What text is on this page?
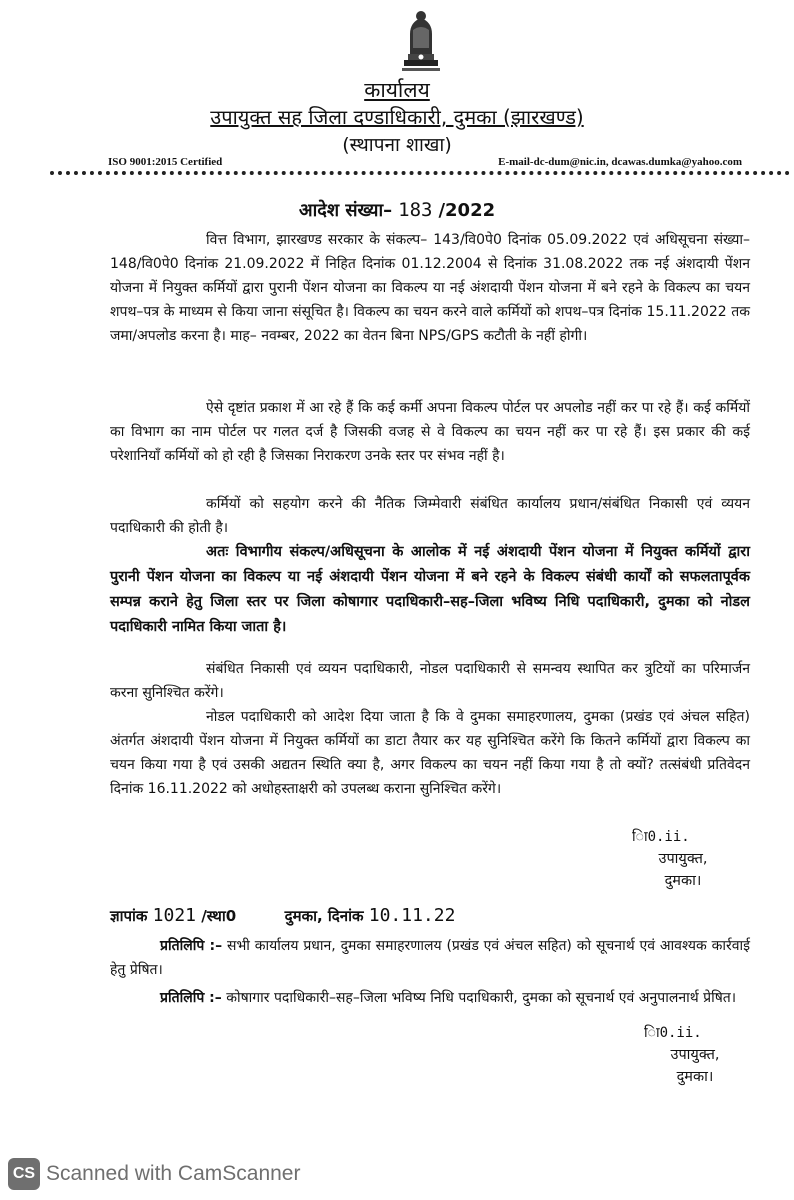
कार्यालय
उपायुक्त सह जिला दण्डाधिकारी, दुमका (झारखण्ड)
(स्थापना शाखा)
ISO 9001:2015 Certified	E-mail-dc-dum@nic.in, dcawas.dumka@yahoo.com
आदेश संख्या– 183 /2022

वित्त विभाग, झारखण्ड सरकार के संकल्प– 143/वि0पे0 दिनांक 05.09.2022 एवं अधिसूचना संख्या– 148/वि0पे0 दिनांक 21.09.2022 में निहित दिनांक 01.12.2004 से दिनांक 31.08.2022 तक नई अंशदायी पेंशन योजना में नियुक्त कर्मियों द्वारा पुरानी पेंशन योजना का विकल्प या नई अंशदायी पेंशन योजना में बने रहने के विकल्प का चयन शपथ–पत्र के माध्यम से किया जाना संसूचित है। विकल्प का चयन करने वाले कर्मियों को शपथ–पत्र दिनांक 15.11.2022 तक जमा/अपलोड करना है। माह– नवम्बर, 2022 का वेतन बिना NPS/GPS कटौती के नहीं होगी।

ऐसे दृष्टांत प्रकाश में आ रहे हैं कि कई कर्मी अपना विकल्प पोर्टल पर अपलोड नहीं कर पा रहे हैं। कई कर्मियों का विभाग का नाम पोर्टल पर गलत दर्ज है जिसकी वजह से वे विकल्प का चयन नहीं कर पा रहे हैं। इस प्रकार की कई परेशानियाँ कर्मियों को हो रही है जिसका निराकरण उनके स्तर पर संभव नहीं है।

कर्मियों को सहयोग करने की नैतिक जिम्मेवारी संबंधित कार्यालय प्रधान/संबंधित निकासी एवं व्ययन पदाधिकारी की होती है।

अतः विभागीय संकल्प/अधिसूचना के आलोक में नई अंशदायी पेंशन योजना में नियुक्त कर्मियों द्वारा पुरानी पेंशन योजना का विकल्प या नई अंशदायी पेंशन योजना में बने रहने के विकल्प संबंधी कार्यों को सफलतापूर्वक सम्पन्न कराने हेतु जिला स्तर पर जिला कोषागार पदाधिकारी–सह–जिला भविष्य निधि पदाधिकारी, दुमका को नोडल पदाधिकारी नामित किया जाता है।

संबंधित निकासी एवं व्ययन पदाधिकारी, नोडल पदाधिकारी से समन्वय स्थापित कर त्रुटियों का परिमार्जन करना सुनिश्चित करेंगे।

नोडल पदाधिकारी को आदेश दिया जाता है कि वे दुमका समाहरणालय, दुमका (प्रखंड एवं अंचल सहित) अंतर्गत अंशदायी पेंशन योजना में नियुक्त कर्मियों का डाटा तैयार कर यह सुनिश्चित करेंगे कि कितने कर्मियों द्वारा विकल्प का चयन किया गया है एवं उसकी अद्यतन स्थिति क्या है, अगर विकल्प का चयन नहीं किया गया है तो क्यों? तत्संबंधी प्रतिवेदन दिनांक 16.11.2022 को अधोहस्ताक्षरी को उपलब्ध कराना सुनिश्चित करेंगे।

ाि0.ii.
उपायुक्त,
दुमका।
ज्ञापांक 1021 /स्था0	दुमका, दिनांक 10.11.22

प्रतिलिपि :– सभी कार्यालय प्रधान, दुमका समाहरणालय (प्रखंड एवं अंचल सहित) को सूचनार्थ एवं आवश्यक कार्रवाई हेतु प्रेषित।

प्रतिलिपि :– कोषागार पदाधिकारी–सह–जिला भविष्य निधि पदाधिकारी, दुमका को सूचनार्थ एवं अनुपालनार्थ प्रेषित।

ाि0.ii.
उपायुक्त,
दुमका।
CS Scanned with CamScanner
